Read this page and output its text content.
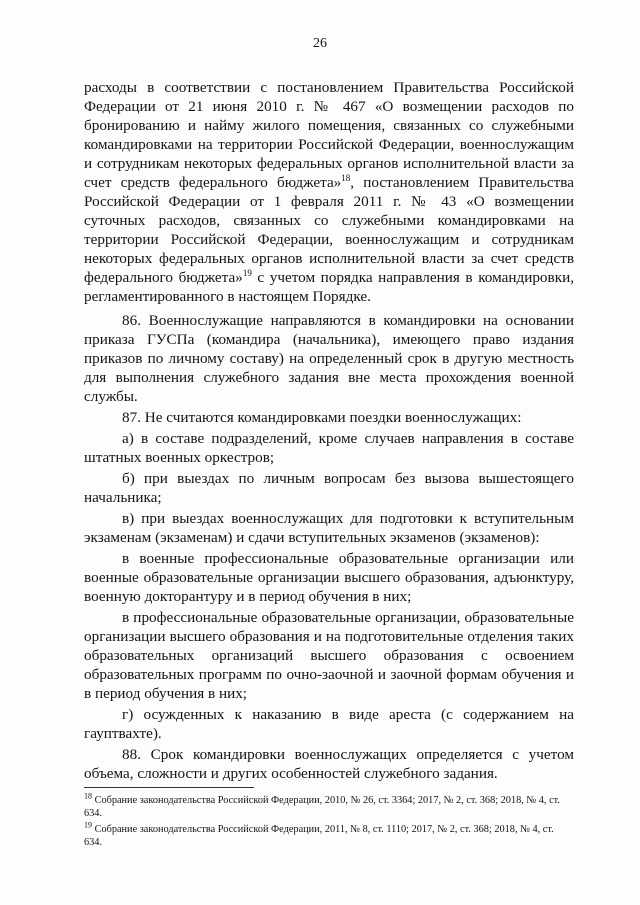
26

расходы в соответствии с постановлением Правительства Российской Федерации от 21 июня 2010 г. № 467 «О возмещении расходов по бронированию и найму жилого помещения, связанных со служебными командировками на территории Российской Федерации, военнослужащим и сотрудникам некоторых федеральных органов исполнительной власти за счет средств федерального бюджета»$^{18}$, постановлением Правительства Российской Федерации от 1 февраля 2011 г. № 43 «О возмещении суточных расходов, связанных со служебными командировками на территории Российской Федерации, военнослужащим и сотрудникам некоторых федеральных органов исполнительной власти за счет средств федерального бюджета»$^{19}$ с учетом порядка направления в командировки, регламентированного в настоящем Порядке.

86. Военнослужащие направляются в командировки на основании приказа ГУСПа (командира (начальника), имеющего право издания приказов по личному составу) на определенный срок в другую местность для выполнения служебного задания вне места прохождения военной службы.

87. Не считаются командировками поездки военнослужащих:

а) в составе подразделений, кроме случаев направления в составе штатных военных оркестров;

б) при выездах по личным вопросам без вызова вышестоящего начальника;

в) при выездах военнослужащих для подготовки к вступительным экзаменам (экзаменам) и сдачи вступительных экзаменов (экзаменов):

в военные профессиональные образовательные организации или военные образовательные организации высшего образования, адъюнктуру, военную докторантуру и в период обучения в них;

в профессиональные образовательные организации, образовательные организации высшего образования и на подготовительные отделения таких образовательных организаций высшего образования с освоением образовательных программ по очно-заочной и заочной формам обучения и в период обучения в них;

г) осужденных к наказанию в виде ареста (с содержанием на гауптвахте).

88. Срок командировки военнослужащих определяется с учетом объема, сложности и других особенностей служебного задания.

$^{18}$ Собрание законодательства Российской Федерации, 2010, № 26, ст. 3364; 2017, № 2, ст. 368; 2018, № 4, ст. 634.

$^{19}$ Собрание законодательства Российской Федерации, 2011, № 8, ст. 1110; 2017, № 2, ст. 368; 2018, № 4, ст. 634.
